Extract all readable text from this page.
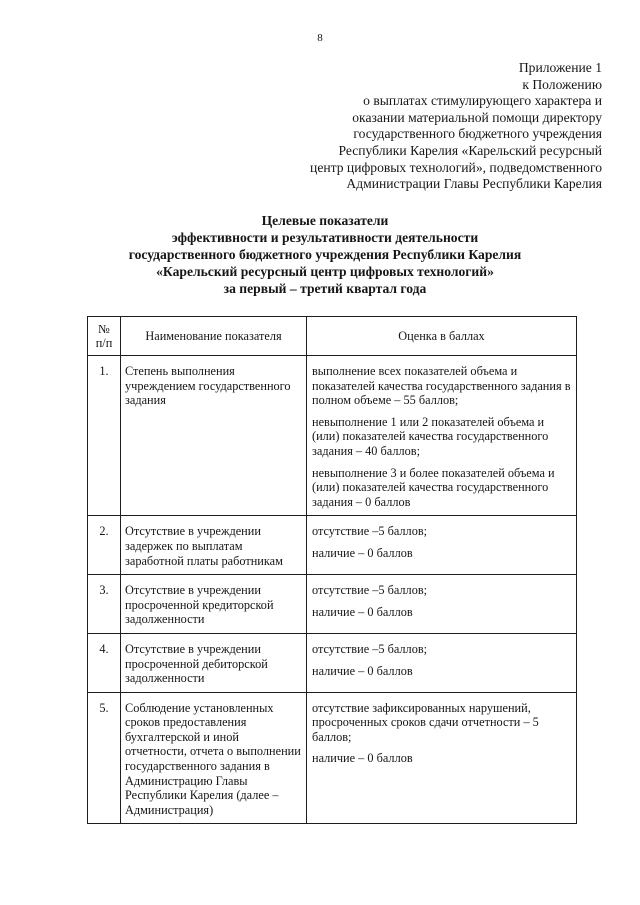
8
Приложение 1
к Положению
о выплатах стимулирующего характера и
оказании материальной помощи директору
государственного бюджетного учреждения
Республики Карелия «Карельский ресурсный
центр цифровых технологий», подведомственного
Администрации Главы Республики Карелия
Целевые показатели
эффективности и результативности деятельности
государственного бюджетного учреждения Республики Карелия
«Карельский ресурсный центр цифровых технологий»
за первый – третий квартал года
№
п/п	Наименование показателя	Оценка в баллах
1.	Степень выполнения учреждением государственного задания	выполнение всех показателей объема и показателей качества государственного задания в полном объеме – 55 баллов;

невыполнение 1 или 2 показателей объема и (или) показателей качества государственного задания – 40 баллов;

невыполнение 3 и более показателей объема и (или) показателей качества государственного задания – 0 баллов

2.	Отсутствие в учреждении задержек по выплатам заработной платы работникам	отсутствие –5 баллов;

наличие – 0 баллов

3.	Отсутствие в учреждении просроченной кредиторской задолженности	отсутствие –5 баллов;

наличие – 0 баллов

4.	Отсутствие в учреждении просроченной дебиторской задолженности	отсутствие –5 баллов;

наличие – 0 баллов

5.	Соблюдение установленных сроков предоставления бухгалтерской и иной отчетности, отчета о выполнении государственного задания в Администрацию Главы Республики Карелия (далее – Администрация)	отсутствие зафиксированных нарушений, просроченных сроков сдачи отчетности – 5 баллов;

наличие – 0 баллов
